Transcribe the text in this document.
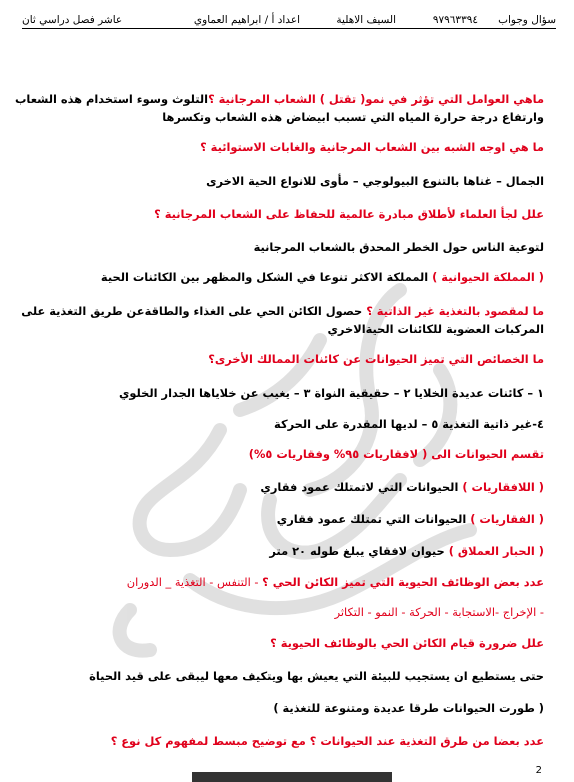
سؤال وجواب
٩٧٩٦٣٣٩٤
السيف الاهلية
اعداد أ / ابراهيم العماوي
عاشر فصل دراسي ثان
ماهي العوامل التي تؤثر في نمو( تقتل ) الشعاب المرجانية ؟التلوث وسوء استخدام هذه الشعاب
وارتفاع درجة حرارة المياه التي تسبب ابيضاض هذه الشعاب وتكسرها
ما هي اوجه الشبه بين الشعاب المرجانية والغابات الاستوائية ؟
الجمال – غناها بالتنوع البيولوجي – مأوى للانواع الحية الاخرى
علل لجأ العلماء لأطلاق مبادرة عالمية للحفاظ على الشعاب المرجانية ؟
لتوعية الناس حول الخطر المحدق بالشعاب المرجانية
( المملكة الحيوانية ) المملكة الاكثر تنوعا في الشكل والمظهر بين الكائنات الحية
ما لمقصود بالتغذية غير الذاتية ؟ حصول الكائن الحي على الغذاء والطاقةعن طريق التغذية على
المركبات العضوية للكائنات الحيةالاخري
ما الخصائص التي تميز الحيوانات عن كائنات الممالك الأخرى؟
١ – كائنات عديدة الخلايا ٢ – حقيقية النواة ٣ – يغيب عن خلاياها الجدار الخلوي
٤-غير ذاتية التغذية ٥ – لديها المقدرة على الحركة
تقسم الحيوانات الى ( لافقاريات ٩٥% وفقاريات ٥%)
( اللافقاريات ) الحيوانات التي لاتمتلك عمود فقاري
( الفقاريات ) الحيوانات التي تمتلك عمود فقاري
( الحبار العملاق ) حيوان لافقاي يبلغ طوله ٢٠ متر
عدد بعض الوظائف الحيوية التي تميز الكائن الحي ؟ - التنفس - التغذية _ الدوران
- الإخراج -الاستجابة - الحركة - النمو - التكاثر
علل ضرورة قيام الكائن الحي بالوظائف الحيوية ؟
حتى يستطيع ان يستجيب للبيئة التي يعيش بها ويتكيف معها ليبقى على قيد الحياة
( طورت الحيوانات طرقا عديدة ومتنوعة للتغذية )
عدد بعضا من طرق التغذية عند الحيوانات ؟ مع توضيح مبسط لمفهوم كل نوع ؟
2
